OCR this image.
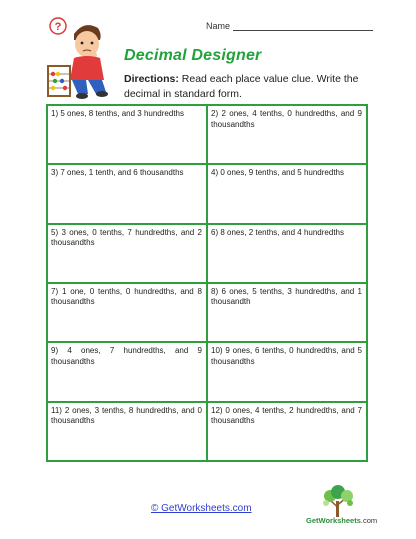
Name
?
Decimal Designer
Directions: Read each place value clue. Write the decimal in standard form.
1) 5 ones, 8 tenths, and 3 hundredths	2) 2 ones, 4 tenths, 0 hundredths, and 9 thousandths
3) 7 ones, 1 tenth, and 6 thousandths	4) 0 ones, 9 tenths, and 5 hundredths
5) 3 ones, 0 tenths, 7 hundredths, and 2 thousandths
6) 8 ones, 2 tenths, and 4 hundredths
7) 1 one, 0 tenths, 0 hundredths, and 8 thousandths
8) 6 ones, 5 tenths, 3 hundredths, and 1 thousandth
9) 4 ones, 7 hundredths, and 9 thousandths
10) 9 ones, 6 tenths, 0 hundredths, and 5 thousandths
11) 2 ones, 3 tenths, 8 hundredths, and 0 thousandths
12) 0 ones, 4 tenths, 2 hundredths, and 7 thousandths
© GetWorksheets.com
GetWorksheets.com
